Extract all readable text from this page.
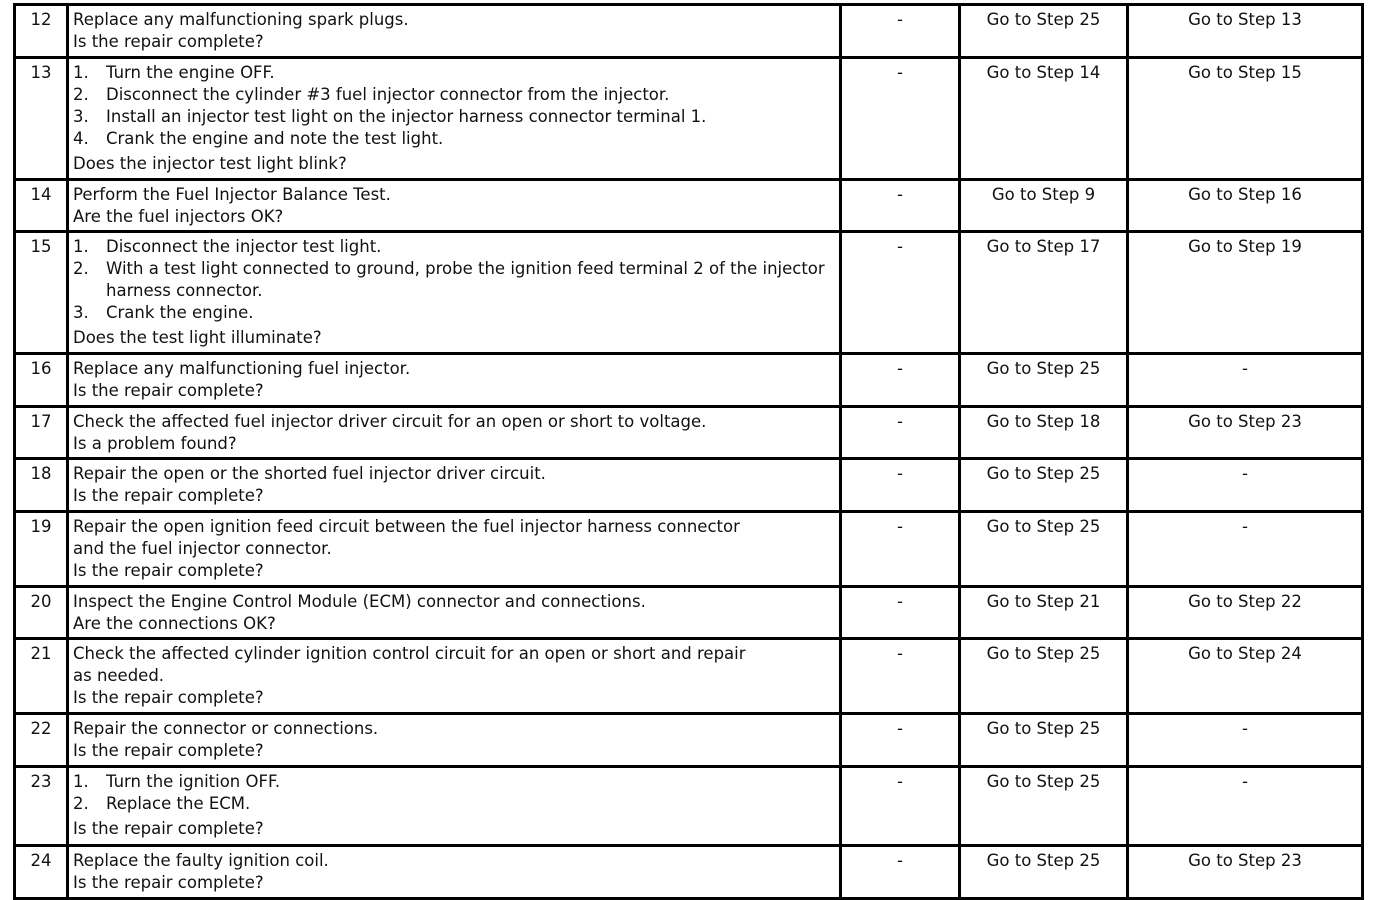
12	Replace any malfunctioning spark plugs.
Is the repair complete?	-	Go to Step 25	Go to Step 13
13	1. Turn the engine OFF.
2. Disconnect the cylinder #3 fuel injector connector from the injector.
3. Install an injector test light on the injector harness connector terminal 1.
4. Crank the engine and note the test light.
Does the injector test light blink?	-	Go to Step 14	Go to Step 15
14	Perform the Fuel Injector Balance Test.
Are the fuel injectors OK?	-	Go to Step 9	Go to Step 16
15	1. Disconnect the injector test light.
2. With a test light connected to ground, probe the ignition feed terminal 2 of the injector harness connector.
3. Crank the engine.
Does the test light illuminate?	-	Go to Step 17	Go to Step 19
16	Replace any malfunctioning fuel injector.
Is the repair complete?	-	Go to Step 25	-
17	Check the affected fuel injector driver circuit for an open or short to voltage.
Is a problem found?	-	Go to Step 18	Go to Step 23
18	Repair the open or the shorted fuel injector driver circuit.
Is the repair complete?	-	Go to Step 25	-
19	Repair the open ignition feed circuit between the fuel injector harness connector
and the fuel injector connector.
Is the repair complete?	-	Go to Step 25	-
20	Inspect the Engine Control Module (ECM) connector and connections.
Are the connections OK?	-	Go to Step 21	Go to Step 22
21	Check the affected cylinder ignition control circuit for an open or short and repair
as needed.
Is the repair complete?	-	Go to Step 25	Go to Step 24
22	Repair the connector or connections.
Is the repair complete?	-	Go to Step 25	-
23	1. Turn the ignition OFF.
2. Replace the ECM.
Is the repair complete?	-	Go to Step 25	-
24	Replace the faulty ignition coil.
Is the repair complete?	-	Go to Step 25	Go to Step 23
